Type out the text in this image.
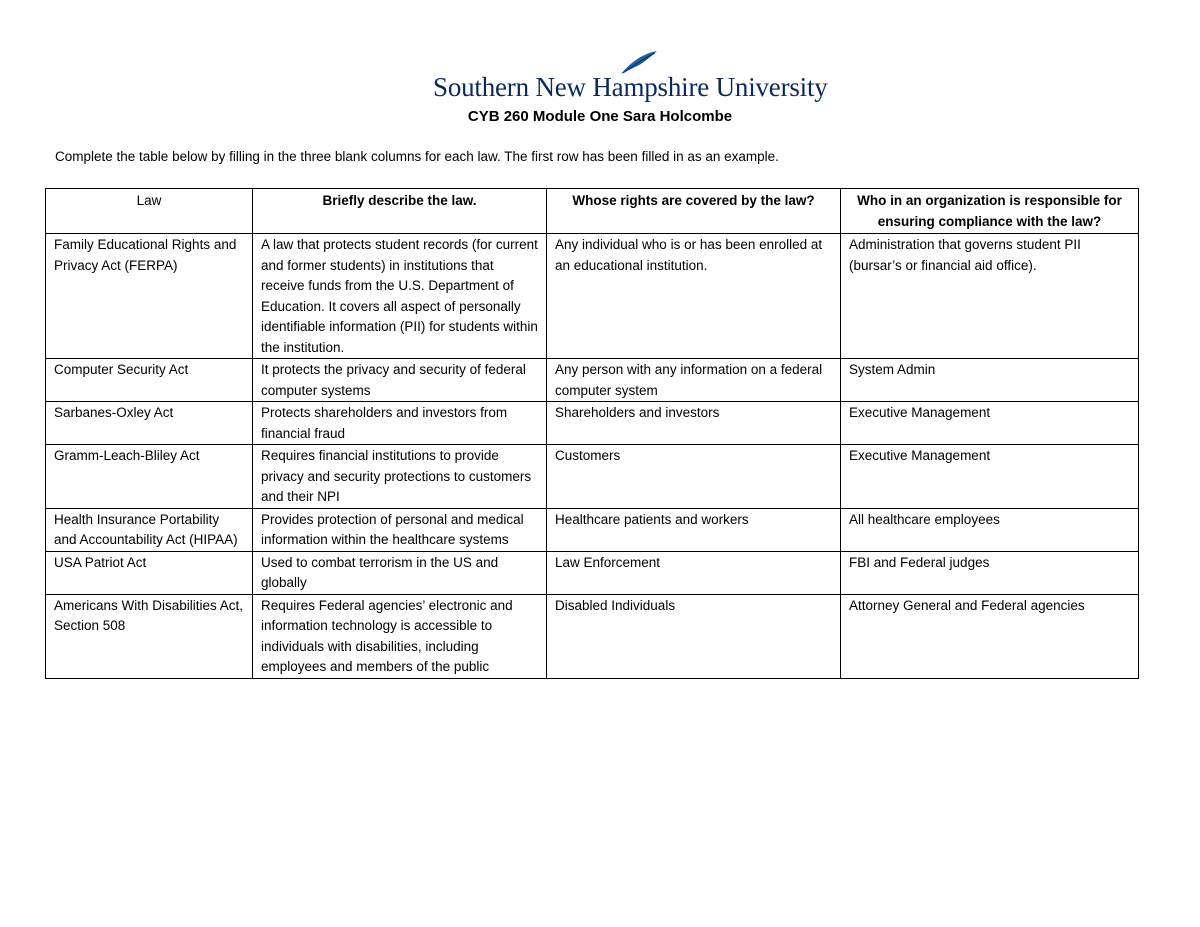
Southern New Hampshire University
CYB 260 Module One Sara Holcombe
Complete the table below by filling in the three blank columns for each law. The first row has been filled in as an example.
Law	Briefly describe the law.	Whose rights are covered by the law?	Who in an organization is responsible for ensuring compliance with the law?
Family Educational Rights and Privacy Act (FERPA)	A law that protects student records (for current and former students) in institutions that receive funds from the U.S. Department of Education. It covers all aspect of personally identifiable information (PII) for students within the institution.	Any individual who is or has been enrolled at an educational institution.	Administration that governs student PII (bursar’s or financial aid office).
Computer Security Act	It protects the privacy and security of federal computer systems	Any person with any information on a federal computer system	System Admin
Sarbanes-Oxley Act	Protects shareholders and investors from financial fraud	Shareholders and investors	Executive Management
Gramm-Leach-Bliley Act	Requires financial institutions to provide privacy and security protections to customers and their NPI	Customers	Executive Management
Health Insurance Portability and Accountability Act (HIPAA)	Provides protection of personal and medical information within the healthcare systems	Healthcare patients and workers	All healthcare employees
USA Patriot Act	Used to combat terrorism in the US and globally	Law Enforcement	FBI and Federal judges
Americans With Disabilities Act, Section 508	Requires Federal agencies’ electronic and information technology is accessible to individuals with disabilities, including employees and members of the public	Disabled Individuals	Attorney General and Federal agencies
